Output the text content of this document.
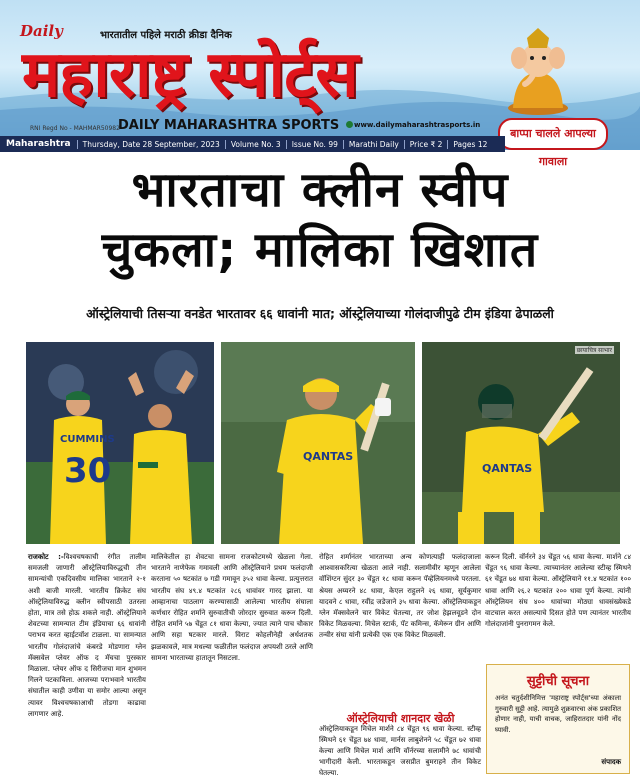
Daily	भारतातील पहिले मराठी क्रीडा दैनिक
महाराष्ट्र स्पोर्ट्स
RNI Regd No - MAHMAR50982
DAILY MAHARASHTRA SPORTS www.dailymaharashtrasports.in
बाप्पा चालले आपल्या गावाला
Maharashtra	Thursday, Date 28 September, 2023	Volume No. 3	Issue No. 99	Marathi Daily	Price ₹ 2	Pages 12
भारताचा क्लीन स्वीप
चुकला; मालिका खिशात
ऑस्ट्रेलियाची तिसऱ्या वनडेत भारतावर ६६ धावांनी मात; ऑस्ट्रेलियाच्या गोलंदाजीपुढे टीम इंडिया ढेपाळली
CUMMINS
30	QANTAS
QANTAS
छायाचित्र साभार
राजकोट :-विश्वचषकाची रंगीत तालीम समजली जाणारी ऑस्ट्रेलियाविरुद्धची तीन सामन्यांची एकदिवसीय मालिका भारताने २-१ अशी बाजी मारली. भारतीय क्रिकेट संघ ऑस्ट्रेलियाविरुद्ध क्लीन स्वीपसाठी उतरला होता, मात्र तसे होऊ शकले नाही. ऑस्ट्रेलियाने शेवटच्या सामन्यात टीम इंडियाचा ६६ धावांनी पराभव करत व्हाईटवॉश टाळला. या सामन्यात भारतीय गोलंदाजांचे कंबरडे मोडणारा ग्लेन मॅक्सवेल प्लेयर ऑफ द मॅचचा पुरस्कार मिळाला. प्लेयर ऑफ द सिरीजचा मान शुभमन गिलने पटकाविला. आजच्या पराभवाने भारतीय संघातील काही उणीवा या समोर आल्या असून त्यावर विश्वचषकाआधी तोडगा काढावा लागणार आहे.
मालिकेतील हा शेवटचा सामना राजकोटमध्ये खेळला गेला. भारताने नाणेफेक गमावली आणि ऑस्ट्रेलियाने प्रथम फलंदाजी करताना ५० षटकांत ७ गडी गमावून ३५२ धावा केल्या. प्रत्युत्तरात भारतीय संघ ४९.४ षटकांत २८६ धावांवर गारद झाला. या आव्हानाचा पाठलाग करण्यासाठी आलेल्या भारतीय संघाला कर्णधार रोहित शर्माने सुरुवातीची जोरदार सुरुवात करून दिली. रोहित शर्माने ५७ चेंडूत ८१ धावा केल्या, ज्यात त्याने पाच चौकार आणि सहा षटकार मारले. विराट कोहलीनेही अर्धशतक झळकावले, मात्र मधल्या फळीतील फलंदाज अपयशी ठरले आणि सामना भारताच्या हातातून निसटला.
रोहित शर्मानंतर भारताच्या अन्य कोणत्याही फलंदाजाला आश्वासकरित्या खेळता आले नाही. सलामीवीर म्हणून आलेला वॉशिंग्टन सुंदर ३० चेंडूत १८ धावा करून पॅव्हेलियनमध्ये परतला. श्रेयस अय्यरने ४८ धावा, केएल राहुलने २६ धावा, सूर्यकुमार यादवने ८ धावा, रवींद्र जडेजाने ३५ धावा केल्या. ऑस्ट्रेलियाकडून ग्लेन मॅक्सवेलने चार विकेट घेतल्या, तर जोश हेझलवूडने दोन विकेट मिळवल्या. मिचेल स्टार्क, पॅट कमिन्स, कॅमेरून ग्रीन आणि तन्वीर संघा यांनी प्रत्येकी एक एक विकेट मिळवली.
ऑस्ट्रेलियाची शानदार खेळी
ऑस्ट्रेलियाकडून मिचेल मार्शने ८४ चेंडूत ९६ धावा केल्या. स्टीव्ह स्मिथने ६१ चेंडूत ७४ धावा, मार्नस लाबुशेनने ५८ चेंडूत ७२ धावा केल्या आणि मिचेल मार्श आणि वॉर्नरच्या सलामीने ७८ धावांची भागीदारी केली. भारताकडून जसप्रीत बुमराहने तीन विकेट घेतल्या.
करून दिली. वॉर्नरने ३४ चेंडूत ५६ धावा केल्या. मार्शने ८४ चेंडूत ९६ धावा केल्या. त्याच्यानंतर आलेल्या स्टीव्ह स्मिथने ६१ चेंडूत ७४ धावा केल्या. ऑस्ट्रेलियाने ११.४ षटकांत १०० धावा आणि २६.२ षटकांत २०० धावा पूर्ण केल्या. त्यांनी ऑस्ट्रेलियन संघ ४०० धावांच्या मोठ्या धावसंख्येकडे वाटचाल करत असल्याचे दिसत होते पण त्यानंतर भारतीय गोलंदाजांनी पुनरागमन केले.
सुट्टीची सूचना
अनंत चतुर्दशीनिमित्त 'महाराष्ट्र स्पोर्ट्स'च्या अंकाला गुरुवारी सुट्टी आहे. त्यामुळे शुक्रवारचा अंक प्रकाशित होणार नाही, याची वाचक, जाहिरातदार यांनी नोंद घ्यावी.
संपादक
